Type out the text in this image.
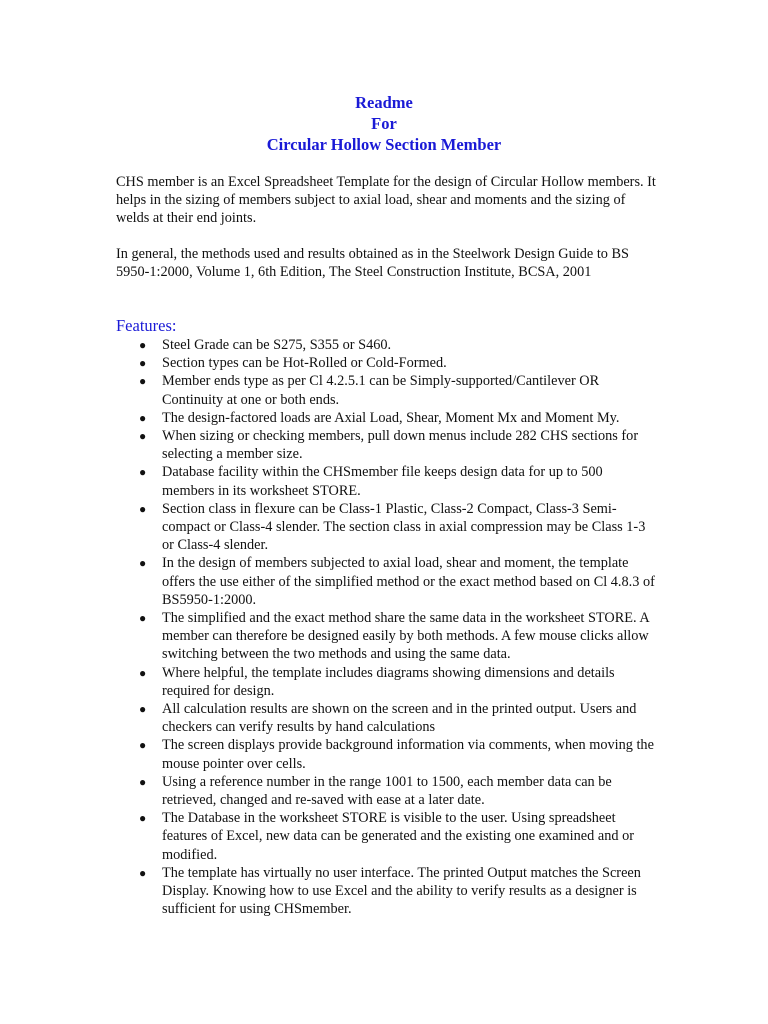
Readme
For
Circular Hollow Section Member

CHS member is an Excel Spreadsheet Template for the design of Circular Hollow members. It helps in the sizing of members subject to axial load, shear and moments and the sizing of welds at their end joints.

In general, the methods used and results obtained as in the Steelwork Design Guide to BS 5950-1:2000, Volume 1, 6th Edition, The Steel Construction Institute, BCSA, 2001

Features:
● Steel Grade can be S275, S355 or S460.
● Section types can be Hot-Rolled or Cold-Formed.
● Member ends type as per Cl 4.2.5.1 can be Simply-supported/Cantilever OR Continuity at one or both ends.
● The design-factored loads are Axial Load, Shear, Moment Mx and Moment My.
● When sizing or checking members, pull down menus include 282 CHS sections for selecting a member size.
● Database facility within the CHSmember file keeps design data for up to 500 members in its worksheet STORE.
● Section class in flexure can be Class-1 Plastic, Class-2 Compact, Class-3 Semi-compact or Class-4 slender. The section class in axial compression may be Class 1-3 or Class-4 slender.
● In the design of members subjected to axial load, shear and moment, the template offers the use either of the simplified method or the exact method based on Cl 4.8.3 of BS5950-1:2000.
● The simplified and the exact method share the same data in the worksheet STORE. A member can therefore be designed easily by both methods. A few mouse clicks allow switching between the two methods and using the same data.
● Where helpful, the template includes diagrams showing dimensions and details required for design.
● All calculation results are shown on the screen and in the printed output. Users and checkers can verify results by hand calculations
● The screen displays provide background information via comments, when moving the mouse pointer over cells.
● Using a reference number in the range 1001 to 1500, each member data can be retrieved, changed and re-saved with ease at a later date.
● The Database in the worksheet STORE is visible to the user. Using spreadsheet features of Excel, new data can be generated and the existing one examined and or modified.
● The template has virtually no user interface. The printed Output matches the Screen Display. Knowing how to use Excel and the ability to verify results as a designer is sufficient for using CHSmember.
